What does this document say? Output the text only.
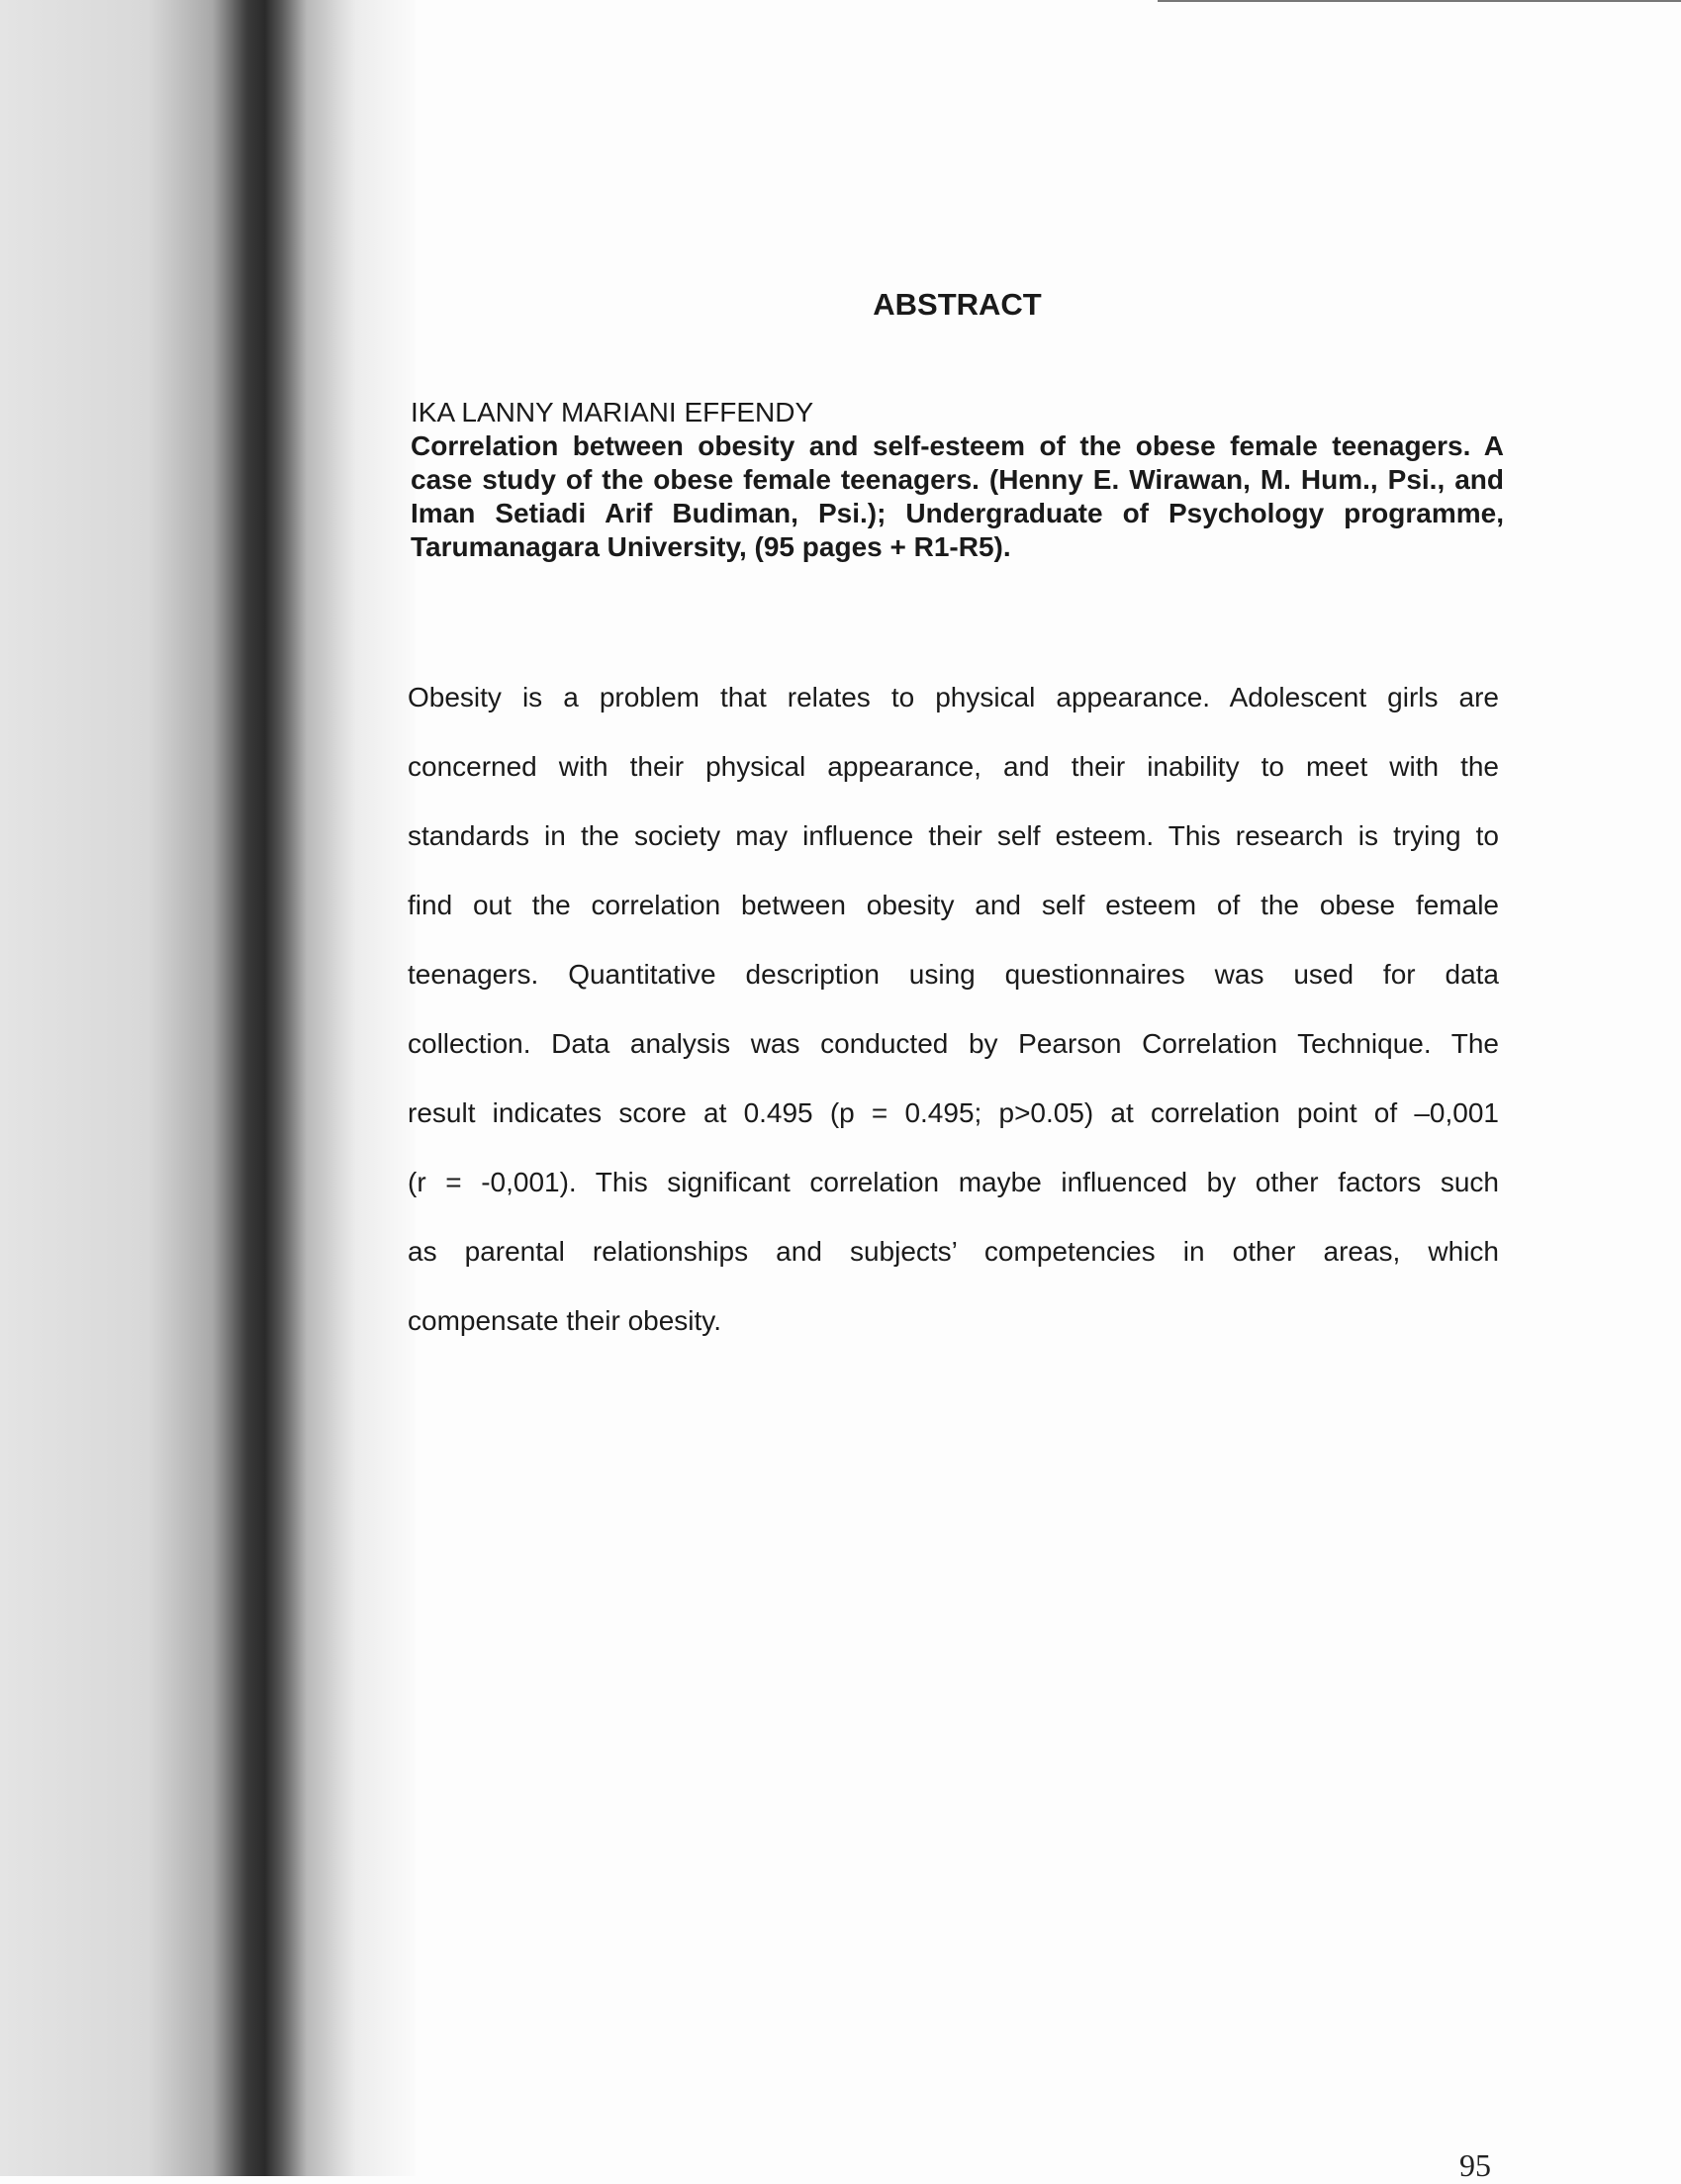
ABSTRACT
IKA LANNY MARIANI EFFENDY
Correlation between obesity and self-esteem of the obese female teenagers. A case study of the obese female teenagers. (Henny E. Wirawan, M. Hum., Psi., and Iman Setiadi Arif Budiman, Psi.); Undergraduate of Psychology programme, Tarumanagara University, (95 pages + R1-R5).
Obesity is a problem that relates to physical appearance. Adolescent girls are
concerned with their physical appearance, and their inability to meet with the
standards in the society may influence their self esteem. This research is trying to
find out the correlation between obesity and self esteem of the obese female
teenagers. Quantitative description using questionnaires was used for data
collection. Data analysis was conducted by Pearson Correlation Technique. The
result indicates score at 0.495 (p = 0.495; p>0.05) at correlation point of –0,001
(r = -0,001). This significant correlation maybe influenced by other factors such
as parental relationships and subjects’ competencies in other areas, which
compensate their obesity.
95
